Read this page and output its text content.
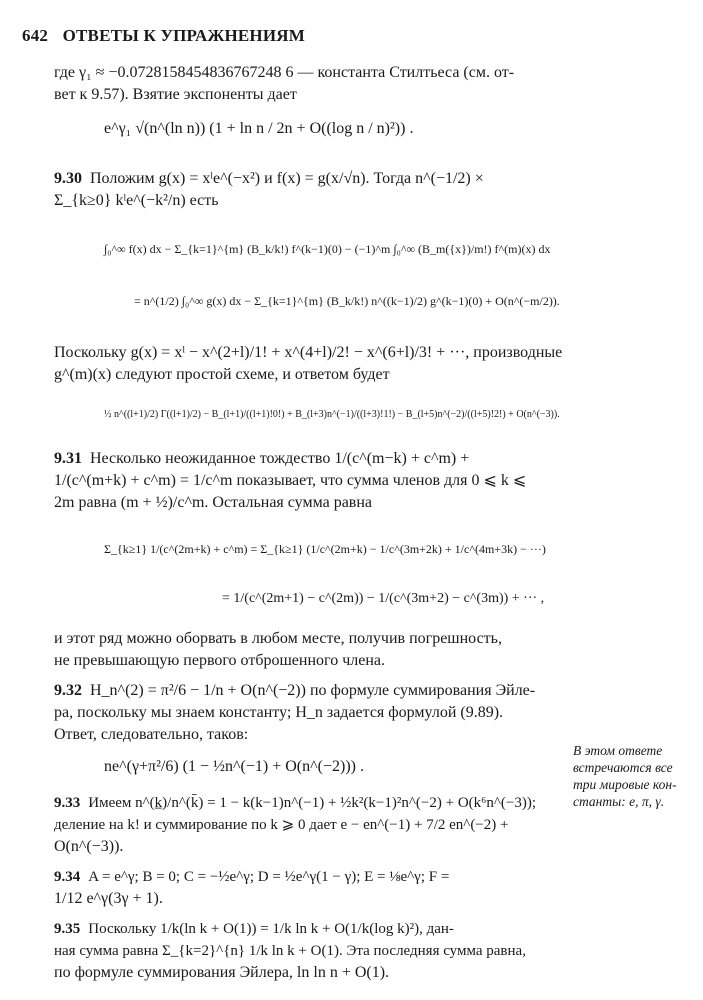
642 ОТВЕТЫ К УПРАЖНЕНИЯМ
где γ₁ ≈ −0.0728158454836767248 6 — константа Стилтьеса (см. от-
вет к 9.57). Взятие экспоненты дает
e^γ₁ √(n^(ln n)) (1 + ln n / 2n + O((log n / n)²)) .
9.30 Положим g(x) = xˡe^(−x²) и f(x) = g(x/√n). Тогда n^(−1/2) ×
Σ_{k≥0} kˡe^(−k²/n) есть
∫₀^∞ f(x) dx − Σ_{k=1}^{m} (B_k/k!) f^(k−1)(0) − (−1)^m ∫₀^∞ (B_m({x})/m!) f^(m)(x) dx
= n^(1/2) ∫₀^∞ g(x) dx − Σ_{k=1}^{m} (B_k/k!) n^((k−1)/2) g^(k−1)(0) + O(n^(−m/2)).
Поскольку g(x) = xˡ − x^(2+l)/1! + x^(4+l)/2! − x^(6+l)/3! + ···, производные
g^(m)(x) следуют простой схеме, и ответом будет
½ n^((l+1)/2) Γ((l+1)/2) − B_(l+1)/((l+1)!0!) + B_(l+3)n^(−1)/((l+3)!1!) − B_(l+5)n^(−2)/((l+5)!2!) + O(n^(−3)).
9.31 Несколько неожиданное тождество 1/(c^(m−k) + c^m) +
1/(c^(m+k) + c^m) = 1/c^m показывает, что сумма членов для 0 ⩽ k ⩽
2m равна (m + ½)/c^m. Остальная сумма равна
Σ_{k≥1} 1/(c^(2m+k) + c^m) = Σ_{k≥1} (1/c^(2m+k) − 1/c^(3m+2k) + 1/c^(4m+3k) − ···)
= 1/(c^(2m+1) − c^(2m)) − 1/(c^(3m+2) − c^(3m)) + ··· ,
и этот ряд можно оборвать в любом месте, получив погрешность,
не превышающую первого отброшенного члена.
9.32 H_n^(2) = π²/6 − 1/n + O(n^(−2)) по формуле суммирования Эйле-
ра, поскольку мы знаем константу; H_n задается формулой (9.89).
Ответ, следовательно, таков:
ne^(γ+π²/6) (1 − ½n^(−1) + O(n^(−2))) .
9.33 Имеем n^(k̲)/n^(k̄) = 1 − k(k−1)n^(−1) + ½k²(k−1)²n^(−2) + O(k⁶n^(−3));
деление на k! и суммирование по k ⩾ 0 дает e − en^(−1) + 7/2 en^(−2) +
O(n^(−3)).
9.34 A = e^γ; B = 0; C = −½e^γ; D = ½e^γ(1 − γ); E = ⅛e^γ; F =
1/12 e^γ(3γ + 1).
9.35 Поскольку 1/k(ln k + O(1)) = 1/k ln k + O(1/k(log k)²), дан-
ная сумма равна Σ_{k=2}^{n} 1/k ln k + O(1). Эта последняя сумма равна,
по формуле суммирования Эйлера, ln ln n + O(1).
В этом ответе
встречаются все
три мировые кон-
станты: e, π, γ.
